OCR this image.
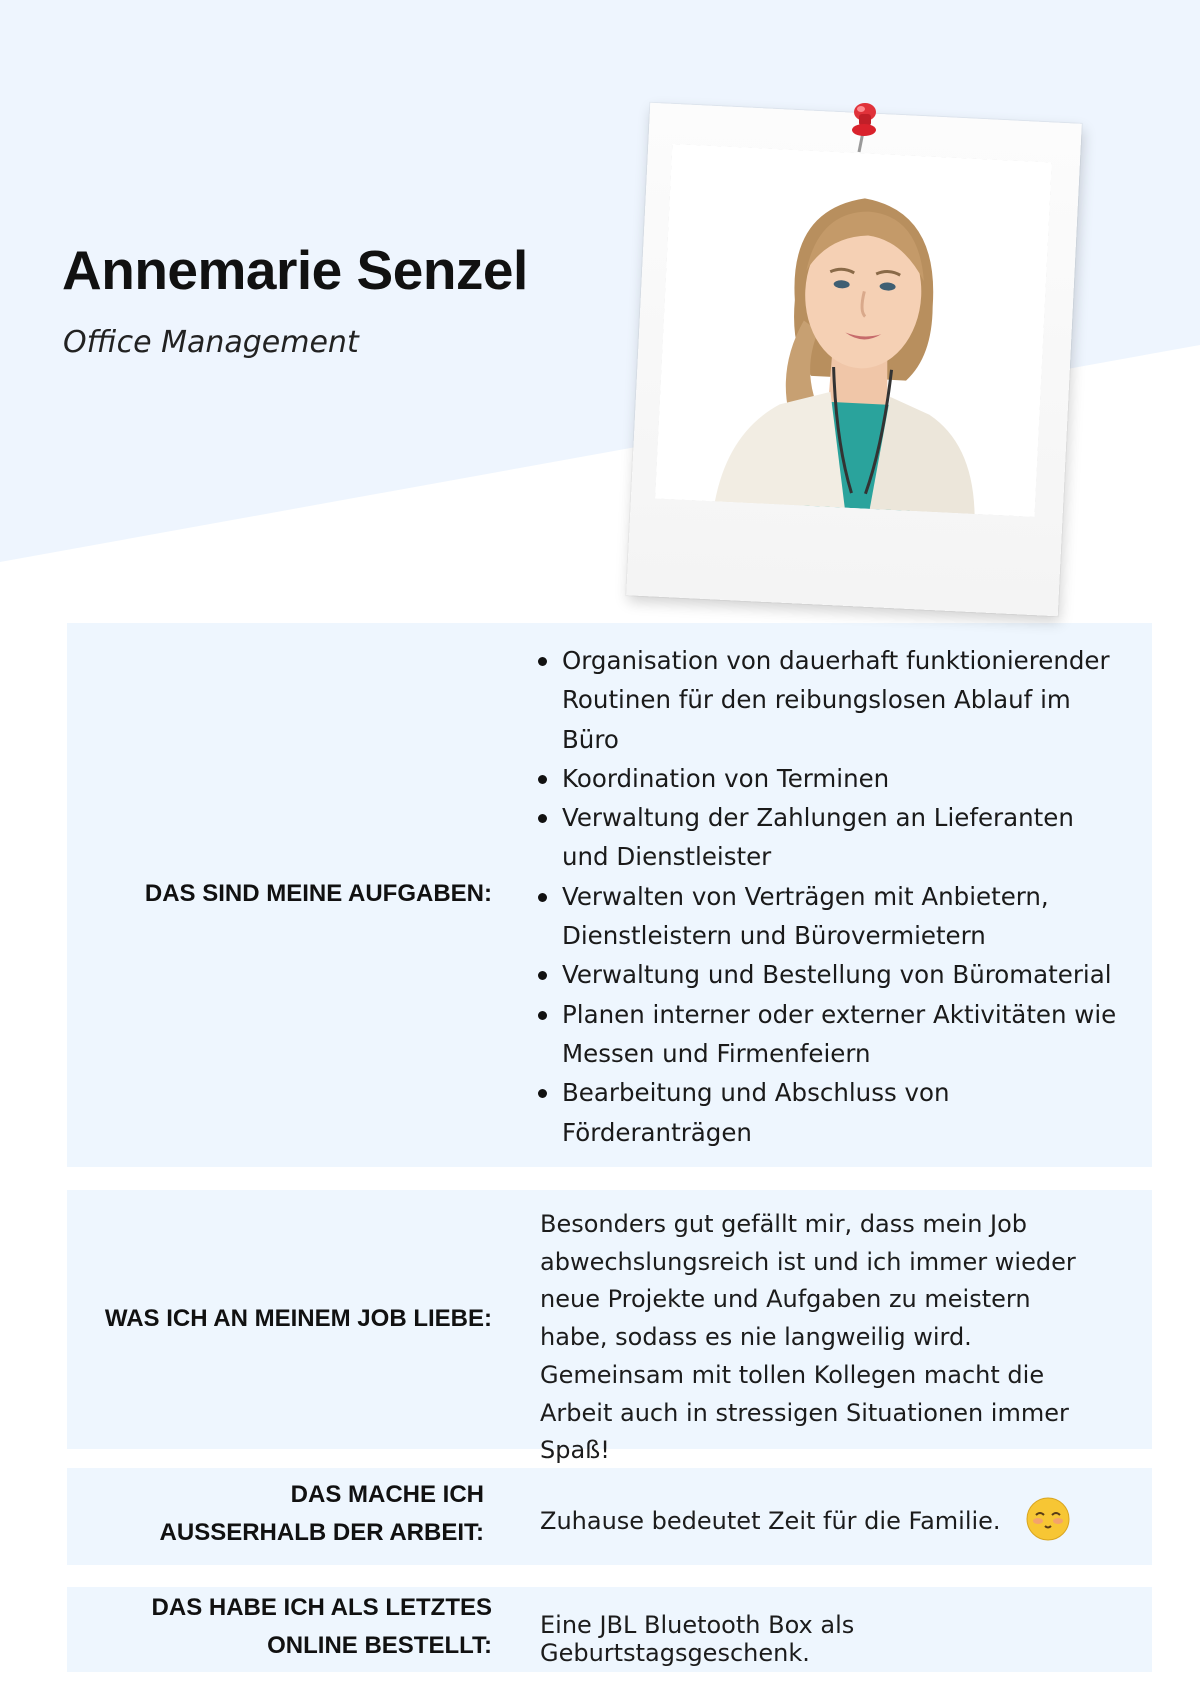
Annemarie Senzel
Office Management
DAS SIND MEINE AUFGABEN:
Organisation von dauerhaft funktionierender Routinen für den reibungslosen Ablauf im Büro
Koordination von Terminen
Verwaltung der Zahlungen an Lieferanten und Dienstleister
Verwalten von Verträgen mit Anbietern, Dienstleistern und Bürovermietern
Verwaltung und Bestellung von Büromaterial
Planen interner oder externer Aktivitäten wie Messen und Firmenfeiern
Bearbeitung und Abschluss von Förderanträgen
WAS ICH AN MEINEM JOB LIEBE:
Besonders gut gefällt mir, dass mein Job abwechslungsreich ist und ich immer wieder neue Projekte und Aufgaben zu meistern habe, sodass es nie langweilig wird. Gemeinsam mit tollen Kollegen macht die Arbeit auch in stressigen Situationen immer Spaß!
DAS MACHE ICH
AUSSERHALB DER ARBEIT: Zuhause bedeutet Zeit für die Familie.
DAS HABE ICH ALS LETZTES
ONLINE BESTELLT:
Eine JBL Bluetooth Box als Geburtstagsgeschenk.
